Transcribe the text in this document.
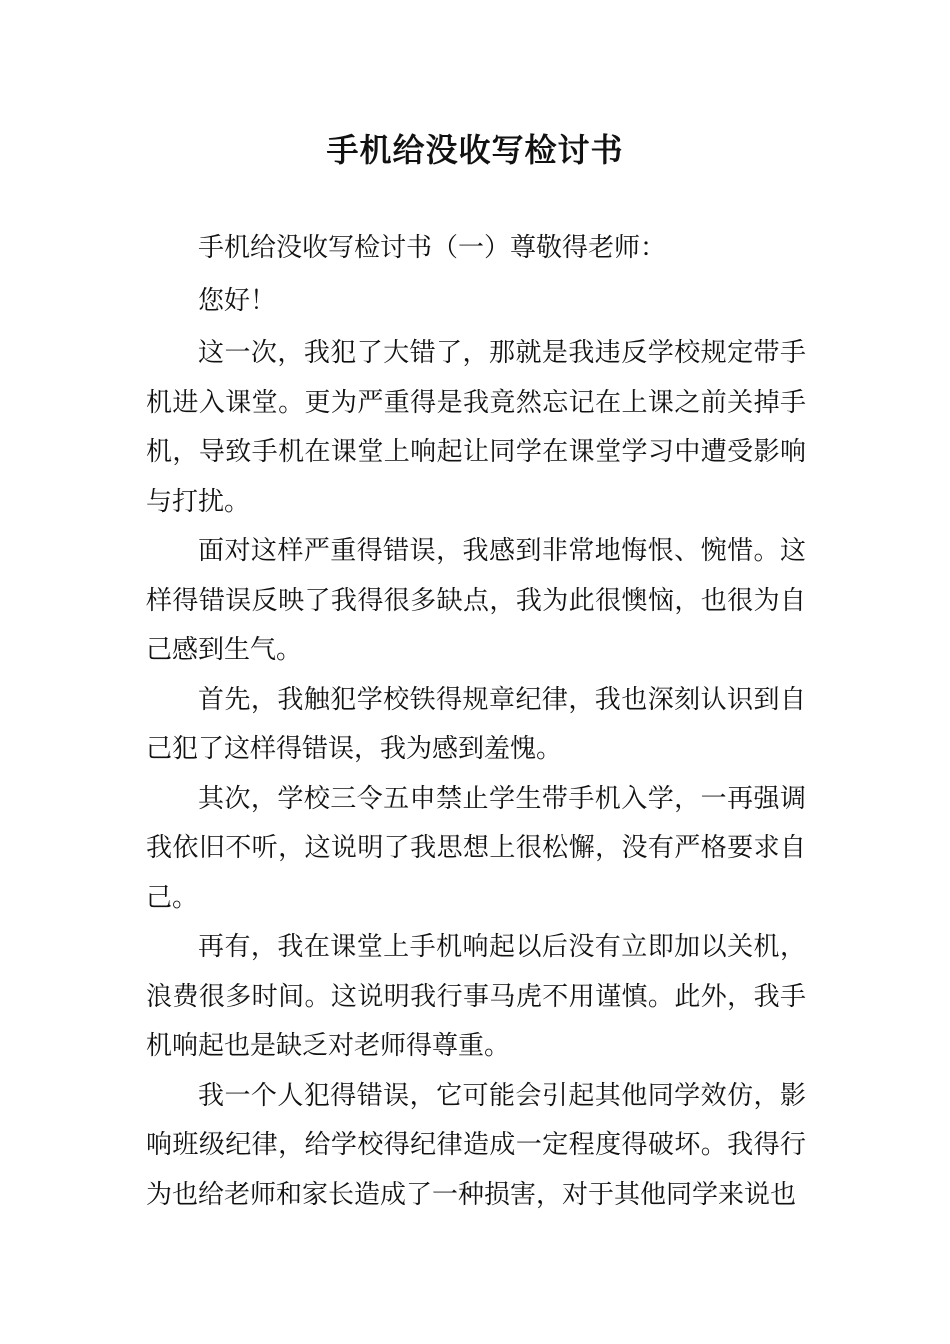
手机给没收写检讨书

手机给没收写检讨书（一）尊敬得老师：

您好！

这一次，我犯了大错了，那就是我违反学校规定带手机进入课堂。更为严重得是我竟然忘记在上课之前关掉手机，导致手机在课堂上响起让同学在课堂学习中遭受影响与打扰。

面对这样严重得错误，我感到非常地悔恨、惋惜。这样得错误反映了我得很多缺点，我为此很懊恼，也很为自己感到生气。

首先，我触犯学校铁得规章纪律，我也深刻认识到自己犯了这样得错误，我为感到羞愧。

其次，学校三令五申禁止学生带手机入学，一再强调我依旧不听，这说明了我思想上很松懈，没有严格要求自己。

再有，我在课堂上手机响起以后没有立即加以关机，浪费很多时间。这说明我行事马虎不用谨慎。此外，我手机响起也是缺乏对老师得尊重。

我一个人犯得错误，它可能会引起其他同学效仿，影响班级纪律，给学校得纪律造成一定程度得破坏。我得行为也给老师和家长造成了一种损害，对于其他同学来说也
